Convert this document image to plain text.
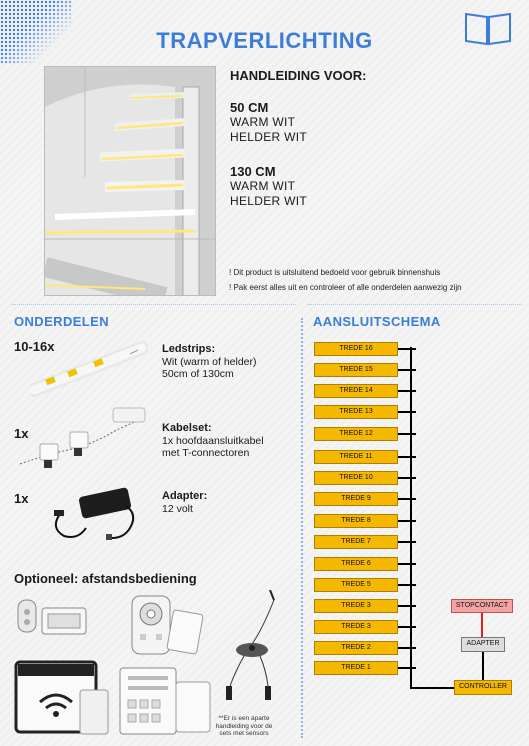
TRAPVERLICHTING
HANDLEIDING VOOR:
50 CM
WARM WIT
HELDER WIT
130 CM
WARM WIT
HELDER WIT
! Dit product is uitsluitend bedoeld voor gebruik binnenshuis
! Pak eerst alles uit en controleer of alle onderdelen aanwezig zijn
ONDERDELEN
10-16x	Ledstrips:
Wit (warm of helder)
50cm of 130cm
1x	Kabelset:
1x hoofdaansluitkabel
met T-connectoren
1x	Adapter:
12 volt
Optioneel: afstandsbediening
**Er is een aparte
handleiding voor de
sets met sensors
AANSLUITSCHEMA
TREDE 16
TREDE 15
TREDE 14
TREDE 13
TREDE 12
TREDE 11
TREDE 10
TREDE 9
TREDE 8
TREDE 7
TREDE 6
TREDE 5
TREDE 3
TREDE 3
TREDE 2
TREDE 1
STOPCONTACT
ADAPTER
CONTROLLER
